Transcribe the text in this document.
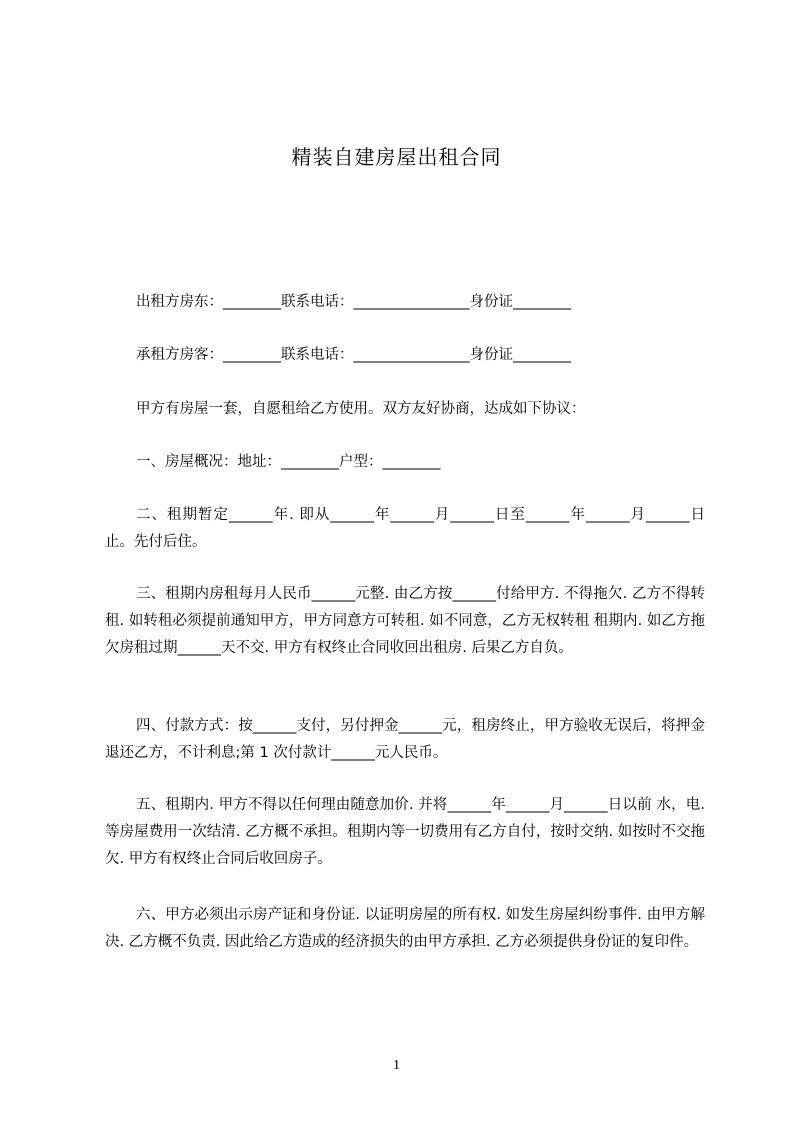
精装自建房屋出租合同
出租方房东：________联系电话：________________身份证________
承租方房客：________联系电话：________________身份证________
甲方有房屋一套，自愿租给乙方使用。双方友好协商，达成如下协议：
一、房屋概况：地址：________户型：________
二、租期暂定______年. 即从______年______月______日至______年______月______日止。先付后住。
三、租期内房租每月人民币______元整. 由乙方按______付给甲方. 不得拖欠. 乙方不得转租. 如转租必须提前通知甲方，甲方同意方可转租. 如不同意，乙方无权转租 租期内. 如乙方拖欠房租过期______天不交. 甲方有权终止合同收回出租房. 后果乙方自负。
四、付款方式：按______支付，另付押金______元，租房终止，甲方验收无误后，将押金退还乙方，不计利息;第 1 次付款计______元人民币。
五、租期内. 甲方不得以任何理由随意加价. 并将______年______月______日以前 水，电. 等房屋费用一次结清. 乙方概不承担。租期内等一切费用有乙方自付，按时交纳. 如按时不交拖欠. 甲方有权终止合同后收回房子。
六、甲方必须出示房产证和身份证. 以证明房屋的所有权. 如发生房屋纠纷事件. 由甲方解决. 乙方概不负责. 因此给乙方造成的经济损失的由甲方承担. 乙方必须提供身份证的复印件。
1
